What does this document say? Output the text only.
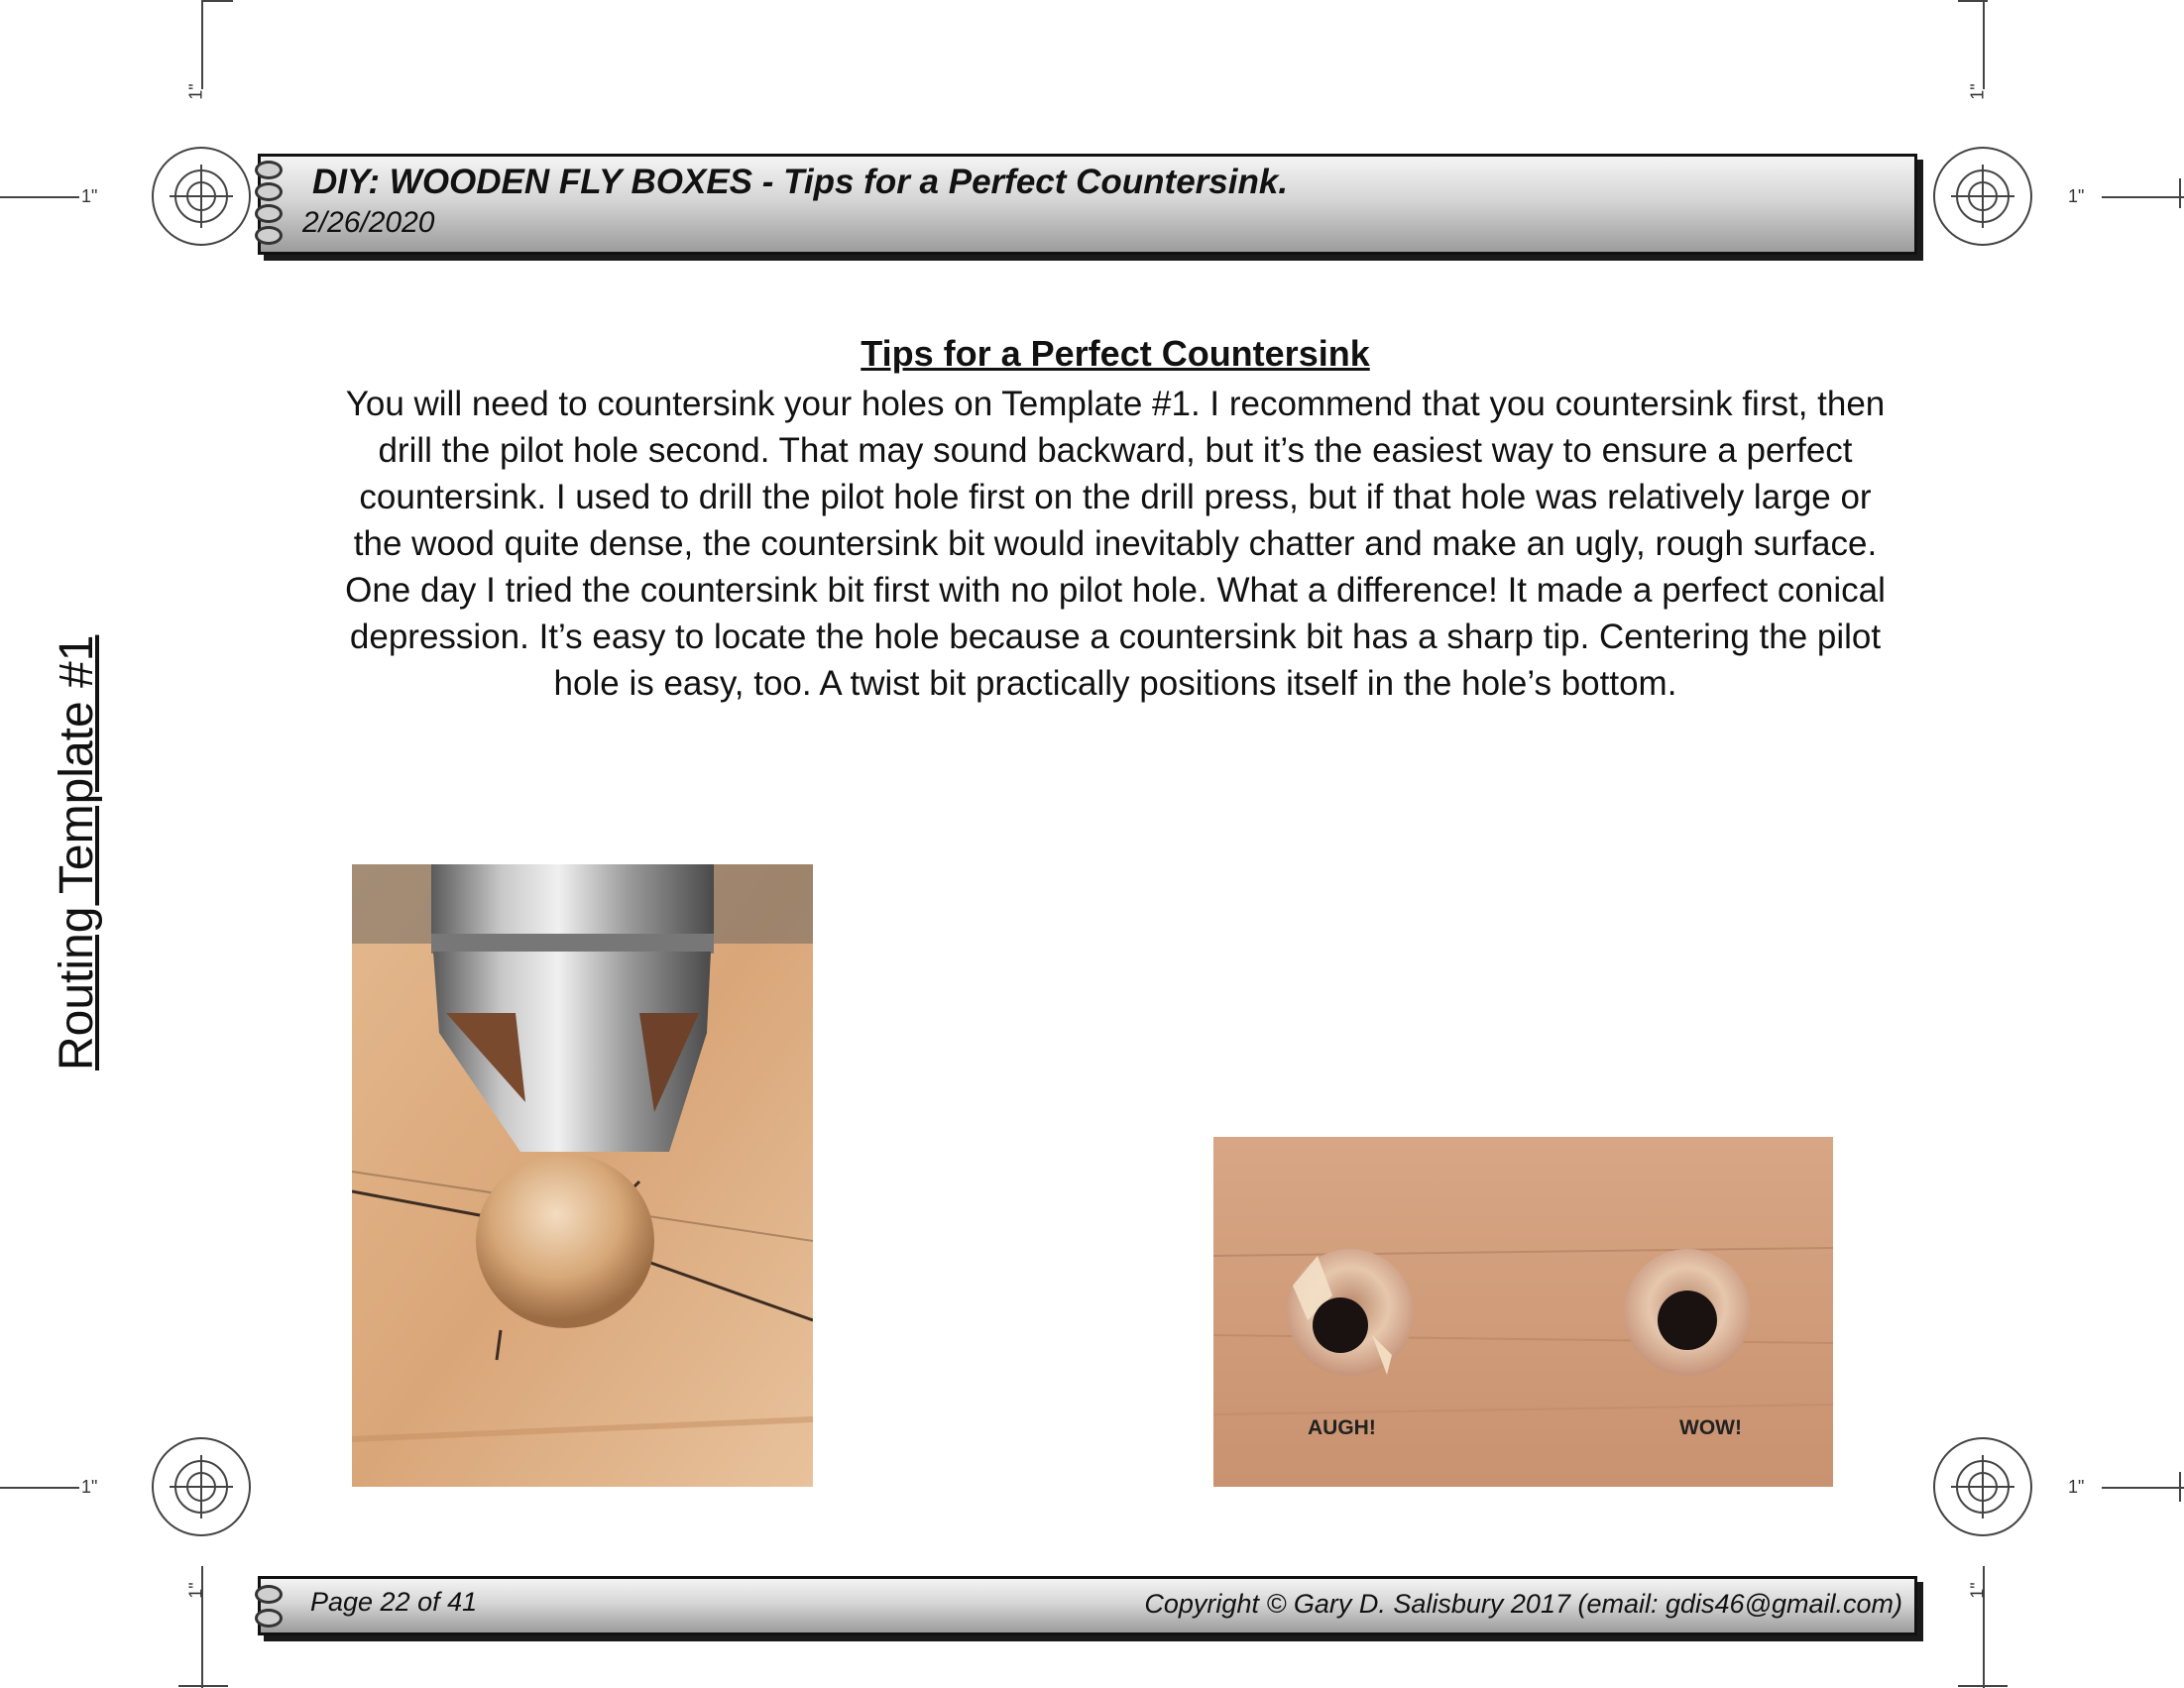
1"
1"
1"
1"
1"
1"
1"
1"
DIY: WOODEN FLY BOXES - Tips for a Perfect Countersink.
2/26/2020
Routing Template #1
Tips for a Perfect Countersink
You will need to countersink your holes on Template #1. I recommend that you countersink first, then drill the pilot hole second. That may sound backward, but it’s the easiest way to ensure a perfect countersink. I used to drill the pilot hole first on the drill press, but if that hole was relatively large or the wood quite dense, the countersink bit would inevitably chatter and make an ugly, rough surface. One day I tried the countersink bit first with no pilot hole. What a difference! It made a perfect conical depression. It’s easy to locate the hole because a countersink bit has a sharp tip. Centering the pilot hole is easy, too. A twist bit practically positions itself in the hole’s bottom.
AUGH!	WOW!
Page 22 of 41	Copyright © Gary D. Salisbury 2017 (email: gdis46@gmail.com)
